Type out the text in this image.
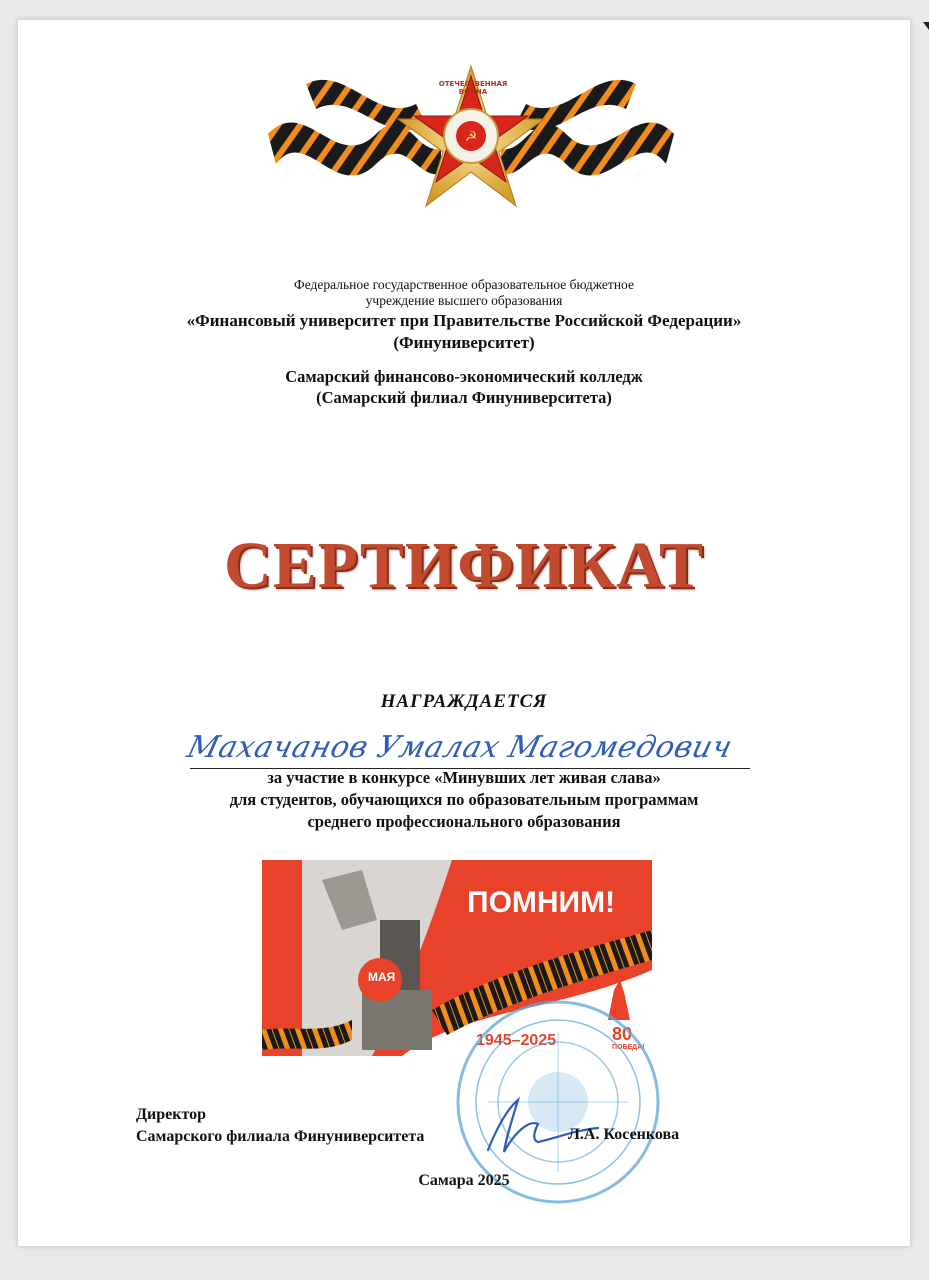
☭
ОТЕЧЕСТВЕННАЯ ВОЙНА
Федеральное государственное образовательное бюджетное
учреждение высшего образования
«Финансовый университет при Правительстве Российской Федерации»
(Финуниверситет)
Самарский финансово-экономический колледж
(Самарский филиал Финуниверситета)
СЕРТИФИКАТ
НАГРАЖДАЕТСЯ
Махачанов Умалах Магомедович
за участие в конкурсе «Минувших лет живая слава»
для студентов, обучающихся по образовательным программам
среднего профессионального образования
ПОМНИМ!
МАЯ
1945–2025	80
ПОБЕДА!
Директор
Самарского филиала Финуниверситета	Л.А. Косенкова
Самара 2025
